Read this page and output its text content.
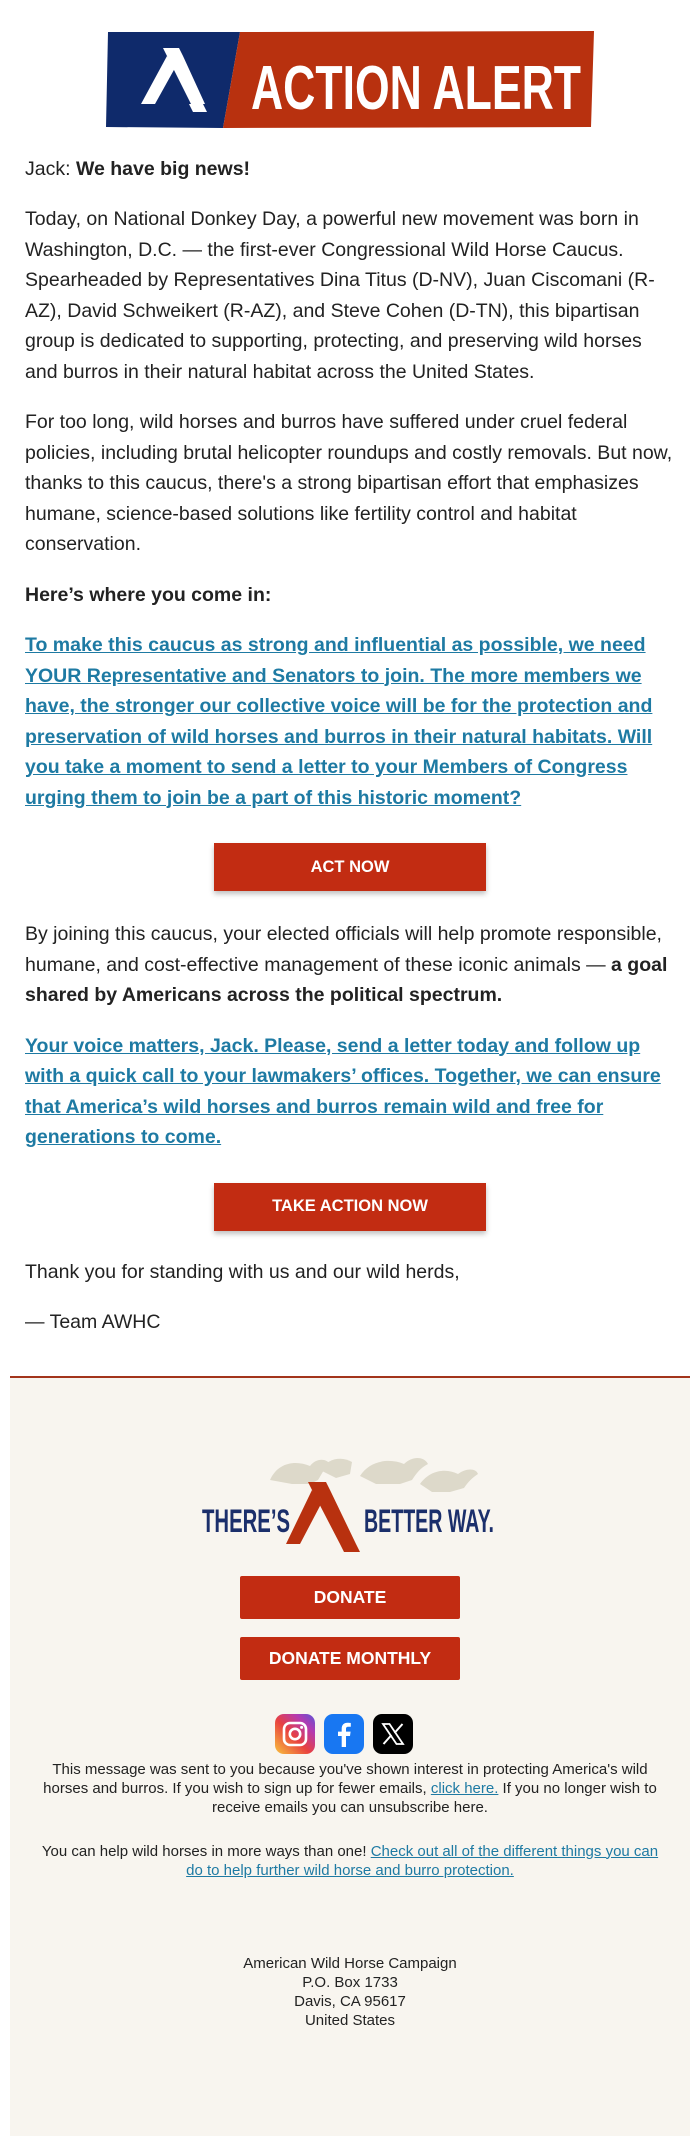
ACTION ALERT

Jack: We have big news!

Today, on National Donkey Day, a powerful new movement was born in Washington, D.C. — the first-ever Congressional Wild Horse Caucus. Spearheaded by Representatives Dina Titus (D-NV), Juan Ciscomani (R-AZ), David Schweikert (R-AZ), and Steve Cohen (D-TN), this bipartisan group is dedicated to supporting, protecting, and preserving wild horses and burros in their natural habitat across the United States.

For too long, wild horses and burros have suffered under cruel federal policies, including brutal helicopter roundups and costly removals. But now, thanks to this caucus, there's a strong bipartisan effort that emphasizes humane, science-based solutions like fertility control and habitat conservation.

Here’s where you come in:

To make this caucus as strong and influential as possible, we need YOUR Representative and Senators to join. The more members we have, the stronger our collective voice will be for the protection and preservation of wild horses and burros in their natural habitats. Will you take a moment to send a letter to your Members of Congress urging them to join be a part of this historic moment?

ACT NOW

By joining this caucus, your elected officials will help promote responsible, humane, and cost-effective management of these iconic animals — a goal shared by Americans across the political spectrum.

Your voice matters, Jack. Please, send a letter today and follow up with a quick call to your lawmakers’ offices. Together, we can ensure that America’s wild horses and burros remain wild and free for generations to come.

TAKE ACTION NOW

Thank you for standing with us and our wild herds,

— Team AWHC

THERE’S BETTER WAY.
DONATE
DONATE MONTHLY
This message was sent to you because you've shown interest in protecting America's wild horses and burros. If you wish to sign up for fewer emails, click here. If you no longer wish to receive emails you can unsubscribe here.
You can help wild horses in more ways than one! Check out all of the different things you can do to help further wild horse and burro protection.
American Wild Horse Campaign
P.O. Box 1733
Davis, CA 95617
United States
